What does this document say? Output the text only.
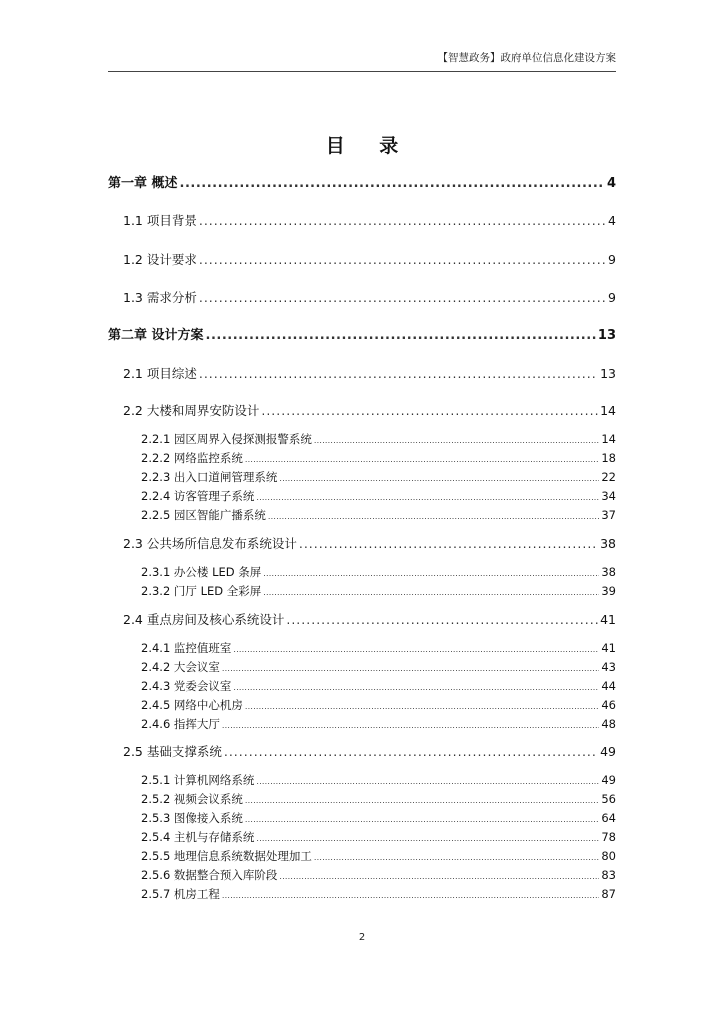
【智慧政务】政府单位信息化建设方案
目 录
第一章 概述 .....	4
1.1 项目背景 .....	4
1.2 设计要求 .....	9
1.3 需求分析 .....	9
第二章 设计方案 .....	13
2.1 项目综述 .....	13
2.2 大楼和周界安防设计 .....	14
2.2.1 园区周界入侵探测报警系统 .....	14
2.2.2 网络监控系统 .....	18
2.2.3 出入口道闸管理系统 .....	22
2.2.4 访客管理子系统 .....	34
2.2.5 园区智能广播系统 .....	37
2.3 公共场所信息发布系统设计 .....	38
2.3.1 办公楼 LED 条屏 .....	38
2.3.2 门厅 LED 全彩屏 .....	39
2.4 重点房间及核心系统设计 .....	41
2.4.1 监控值班室 .....	41
2.4.2 大会议室 .....	43
2.4.3 党委会议室 .....	44
2.4.5 网络中心机房 .....	46
2.4.6 指挥大厅 .....	48
2.5 基础支撑系统 .....	49
2.5.1 计算机网络系统 .....	49
2.5.2 视频会议系统 .....	56
2.5.3 图像接入系统 .....	64
2.5.4 主机与存储系统 .....	78
2.5.5 地理信息系统数据处理加工 .....	80
2.5.6 数据整合预入库阶段 .....	83
2.5.7 机房工程 .....	87
2
